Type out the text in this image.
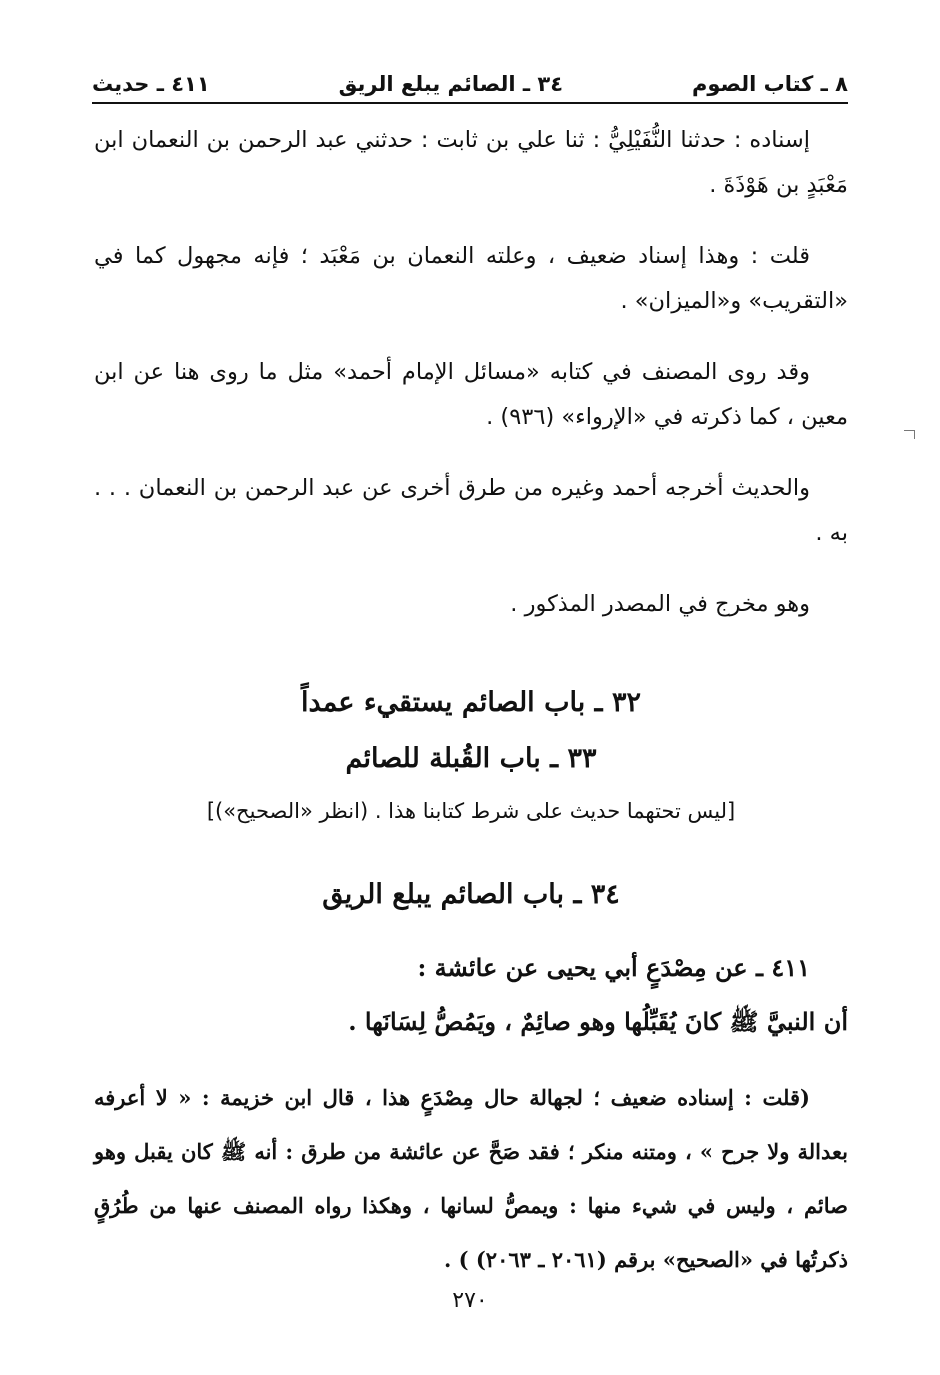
٨ ـ كتاب الصوم
٣٤ ـ الصائم يبلع الريق
٤١١ ـ حديث

إسناده : حدثنا النُّفَيْلِيُّ : ثنا علي بن ثابت : حدثني عبد الرحمن بن النعمان ابن مَعْبَدٍ بن هَوْذَةَ .

قلت : وهذا إسناد ضعيف ، وعلته النعمان بن مَعْبَد ؛ فإنه مجهول كما في «التقريب» و«الميزان» .

وقد روى المصنف في كتابه «مسائل الإمام أحمد» مثل ما روى هنا عن ابن معين ، كما ذكرته في «الإرواء» (٩٣٦) .

والحديث أخرجه أحمد وغيره من طرق أخرى عن عبد الرحمن بن النعمان . . . به .

وهو مخرج في المصدر المذكور .

٣٢ ـ باب الصائم يستقيء عمداً
٣٣ ـ باب القُبلة للصائم

[ليس تحتهما حديث على شرط كتابنا هذا . (انظر «الصحيح»)]

٣٤ ـ باب الصائم يبلع الريق

٤١١ ـ عن مِصْدَعٍ أبي يحيى عن عائشة :

أن النبيَّ ﷺ كانَ يُقَبِّلُها وهو صائِمٌ ، ويَمُصُّ لِسَانَها .

(قلت : إسناده ضعيف ؛ لجهالة حال مِصْدَعٍ هذا ، قال ابن خزيمة : « لا أعرفه بعدالة ولا جرح » ، ومتنه منكر ؛ فقد صَحَّ عن عائشة من طرق : أنه ﷺ كان يقبل وهو صائم ، وليس في شيء منها : ويمصُّ لسانها ، وهكذا رواه المصنف عنها من طُرُقٍ ذكرتُها في «الصحيح» برقم (٢٠٦١ ـ ٢٠٦٣) ) .

٢٧٠
